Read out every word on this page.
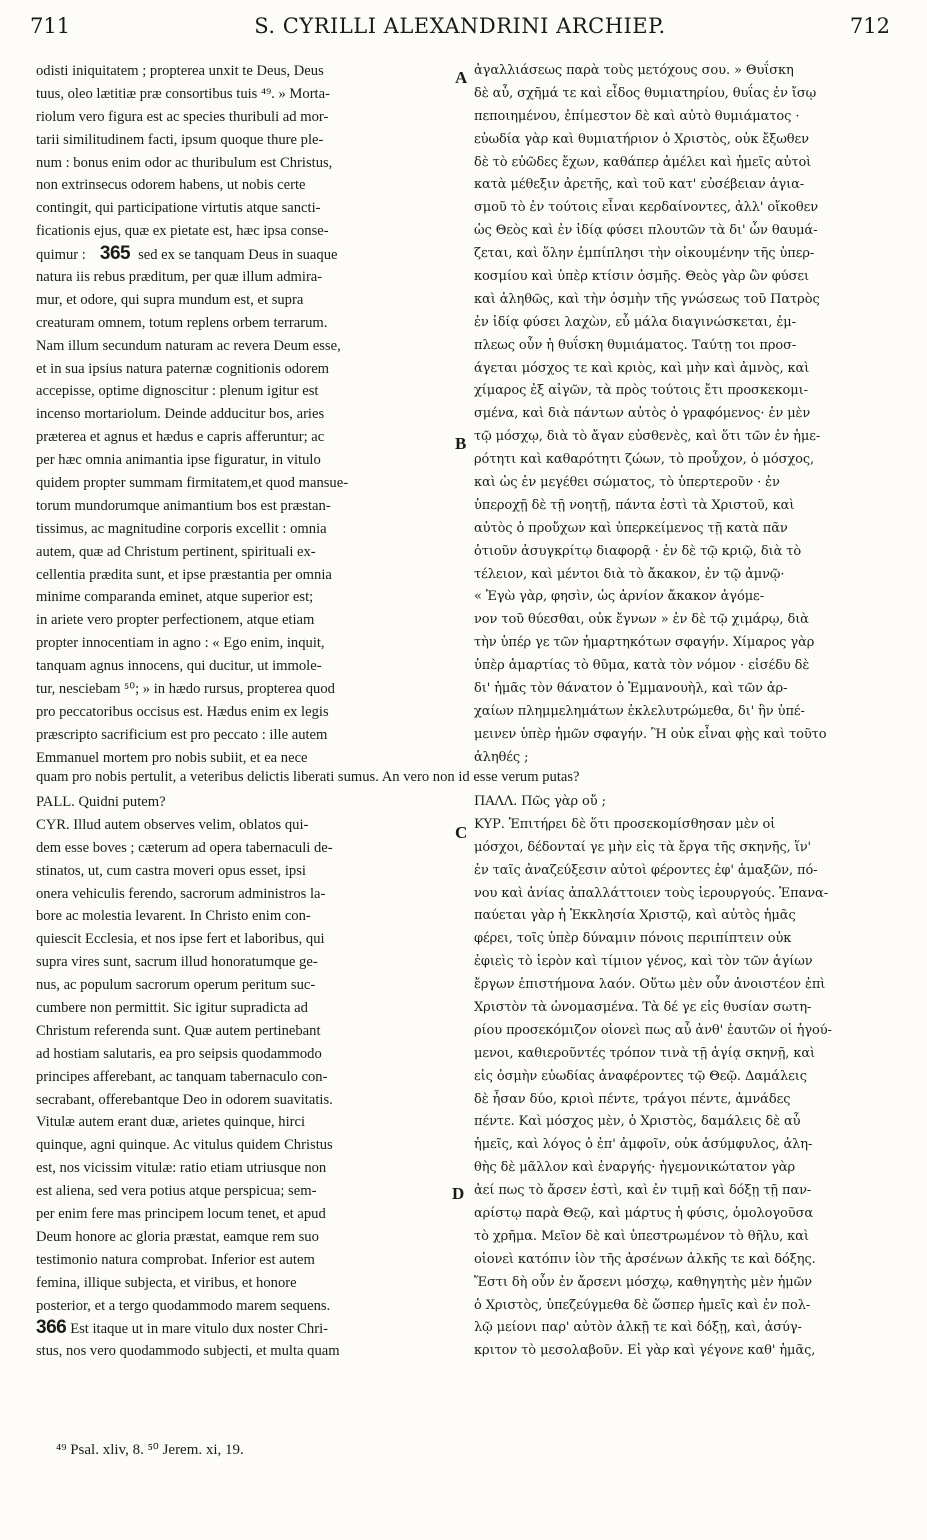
711	S. CYRILLI ALEXANDRINI ARCHIEP.	712
odisti iniquitatem ; propterea unxit te Deus, Deus
tuus, oleo lætitiæ præ consortibus tuis ⁴⁹. » Morta-
riolum vero figura est ac species thuribuli ad mor-
tarii similitudinem facti, ipsum quoque thure ple-
num : bonus enim odor ac thuribulum est Christus,
non extrinsecus odorem habens, ut nobis certe
contingit, qui participatione virtutis atque sancti-
ficationis ejus, quæ ex pietate est, hæc ipsa conse-
quimur : 365 sed ex se tanquam Deus in suaque
natura iis rebus præditum, per quæ illum admira-
mur, et odore, qui supra mundum est, et supra
creaturam omnem, totum replens orbem terrarum.
Nam illum secundum naturam ac revera Deum esse,
et in sua ipsius natura paternæ cognitionis odorem
accepisse, optime dignoscitur : plenum igitur est
incenso mortariolum. Deinde adducitur bos, aries
præterea et agnus et hædus e capris afferuntur; ac
per hæc omnia animantia ipse figuratur, in vitulo
quidem propter summam firmitatem,et quod mansue-
torum mundorumque animantium bos est præstan-
tissimus, ac magnitudine corporis excellit : omnia
autem, quæ ad Christum pertinent, spirituali ex-
cellentia prædita sunt, et ipse præstantia per omnia
minime comparanda eminet, atque superior est;
in ariete vero propter perfectionem, atque etiam
propter innocentiam in agno : « Ego enim, inquit,
tanquam agnus innocens, qui ducitur, ut immole-
tur, nesciebam ⁵⁰; » in hædo rursus, propterea quod
pro peccatoribus occisus est. Hædus enim ex legis
præscripto sacrificium est pro peccato : ille autem
Emmanuel mortem pro nobis subiit, et ea nece
ἀγαλλιάσεως παρὰ τοὺς μετόχους σου. » Θυΐσκη
δὲ αὖ, σχῆμά τε καὶ εἶδος θυμιατηρίου, θυΐας ἐν ἴσῳ
πεποιημένου, ἐπίμεστον δὲ καὶ αὐτὸ θυμιάματος ·
εὐωδία γὰρ καὶ θυμιατήριον ὁ Χριστὸς, οὐκ ἔξωθεν
δὲ τὸ εὐῶδες ἔχων, καθάπερ ἀμέλει καὶ ἡμεῖς αὐτοὶ
κατὰ μέθεξιν ἀρετῆς, καὶ τοῦ κατ' εὐσέβειαν ἁγια-
σμοῦ τὸ ἐν τούτοις εἶναι κερδαίνοντες, ἀλλ' οἴκοθεν
ὡς Θεὸς καὶ ἐν ἰδίᾳ φύσει πλουτῶν τὰ δι' ὧν θαυμά-
ζεται, καὶ ὅλην ἐμπίπλησι τὴν οἰκουμένην τῆς ὑπερ-
κοσμίου καὶ ὑπὲρ κτίσιν ὀσμῆς. Θεὸς γὰρ ὢν φύσει
καὶ ἀληθῶς, καὶ τὴν ὀσμὴν τῆς γνώσεως τοῦ Πατρὸς
ἐν ἰδίᾳ φύσει λαχὼν, εὖ μάλα διαγινώσκεται, ἐμ-
πλεως οὖν ἡ θυΐσκη θυμιάματος. Ταύτῃ τοι προσ-
άγεται μόσχος τε καὶ κριὸς, καὶ μὴν καὶ ἀμνὸς, καὶ
χίμαρος ἐξ αἰγῶν, τὰ πρὸς τούτοις ἔτι προσκεκομι-
σμένα, καὶ διὰ πάντων αὐτὸς ὁ γραφόμενος· ἐν μὲν
τῷ μόσχῳ, διὰ τὸ ἄγαν εὐσθενὲς, καὶ ὅτι τῶν ἐν ἡμε-
ρότητι καὶ καθαρότητι ζώων, τὸ προὖχον, ὁ μόσχος,
καὶ ὡς ἐν μεγέθει σώματος, τὸ ὑπερτεροῦν · ἐν
ὑπεροχῇ δὲ τῇ νοητῇ, πάντα ἐστὶ τὰ Χριστοῦ, καὶ
αὐτὸς ὁ προὔχων καὶ ὑπερκείμενος τῇ κατὰ πᾶν
ὁτιοῦν ἀσυγκρίτῳ διαφορᾷ · ἐν δὲ τῷ κριῷ, διὰ τὸ
τέλειον, καὶ μέντοι διὰ τὸ ἄκακον, ἐν τῷ ἀμνῷ·
« Ἐγὼ γὰρ, φησὶν, ὡς ἀρνίον ἄκακον ἀγόμε-
νον τοῦ θύεσθαι, οὐκ ἔγνων » ἐν δὲ τῷ χιμάρῳ, διὰ
τὴν ὑπέρ γε τῶν ἡμαρτηκότων σφαγήν. Χίμαρος γὰρ
ὑπὲρ ἁμαρτίας τὸ θῦμα, κατὰ τὸν νόμον · εἰσέδυ δὲ
δι' ἡμᾶς τὸν θάνατον ὁ Ἐμμανουὴλ, καὶ τῶν ἀρ-
χαίων πλημμελημάτων ἐκλελυτρώμεθα, δι' ἣν ὑπέ-
μεινεν ὑπὲρ ἡμῶν σφαγήν. Ἢ οὐκ εἶναι φῂς καὶ τοῦτο
ἀληθές ;
A
B
C
D
quam pro nobis pertulit, a veteribus delictis liberati sumus. An vero non id esse verum putas?
PALL. Quidni putem?
CYR. Illud autem observes velim, oblatos qui-
dem esse boves ; cæterum ad opera tabernaculi de-
stinatos, ut, cum castra moveri opus esset, ipsi
onera vehiculis ferendo, sacrorum administros la-
bore ac molestia levarent. In Christo enim con-
quiescit Ecclesia, et nos ipse fert et laboribus, qui
supra vires sunt, sacrum illud honoratumque ge-
nus, ac populum sacrorum operum peritum suc-
cumbere non permittit. Sic igitur supradicta ad
Christum referenda sunt. Quæ autem pertinebant
ad hostiam salutaris, ea pro seipsis quodammodo
principes afferebant, ac tanquam tabernaculo con-
secrabant, offerebantque Deo in odorem suavitatis.
Vitulæ autem erant duæ, arietes quinque, hirci
quinque, agni quinque. Ac vitulus quidem Christus
est, nos vicissim vitulæ: ratio etiam utriusque non
est aliena, sed vera potius atque perspicua; sem-
per enim fere mas principem locum tenet, et apud
Deum honore ac gloria præstat, eamque rem suo
testimonio natura comprobat. Inferior est autem
femina, illique subjecta, et viribus, et honore
posterior, et a tergo quodammodo marem sequens.
366 Est itaque ut in mare vitulo dux noster Chri-
stus, nos vero quodammodo subjecti, et multa quam
ΠΑΛΛ. Πῶς γὰρ οὔ ;
ΚΥΡ. Ἐπιτήρει δὲ ὅτι προσεκομίσθησαν μὲν οἱ
μόσχοι, δέδονταί γε μὴν εἰς τὰ ἔργα τῆς σκηνῆς, ἵν'
ἐν ταῖς ἀναζεύξεσιν αὐτοὶ φέροντες ἐφ' ἁμαξῶν, πό-
νου καὶ ἀνίας ἀπαλλάττοιεν τοὺς ἱερουργούς. Ἐπανα-
παύεται γὰρ ἡ Ἐκκλησία Χριστῷ, καὶ αὐτὸς ἡμᾶς
φέρει, τοῖς ὑπὲρ δύναμιν πόνοις περιπίπτειν οὐκ
ἐφιεὶς τὸ ἱερὸν καὶ τίμιον γένος, καὶ τὸν τῶν ἁγίων
ἔργων ἐπιστήμονα λαόν. Οὕτω μὲν οὖν ἀνοιστέον ἐπὶ
Χριστὸν τὰ ὠνομασμένα. Τὰ δέ γε εἰς θυσίαν σωτη-
ρίου προσεκόμιζον οἱονεὶ πως αὖ ἀνθ' ἑαυτῶν οἱ ἡγού-
μενοι, καθιεροῦντές τρόπον τινὰ τῇ ἁγίᾳ σκηνῇ, καὶ
εἰς ὀσμὴν εὐωδίας ἀναφέροντες τῷ Θεῷ. Δαμάλεις
δὲ ἦσαν δύο, κριοὶ πέντε, τράγοι πέντε, ἀμνάδες
πέντε. Καὶ μόσχος μὲν, ὁ Χριστὸς, δαμάλεις δὲ αὖ
ἡμεῖς, καὶ λόγος ὁ ἐπ' ἀμφοῖν, οὐκ ἀσύμφυλος, ἀλη-
θὴς δὲ μᾶλλον καὶ ἐναργής· ἡγεμονικώτατον γὰρ
ἀεί πως τὸ ἄρσεν ἐστὶ, καὶ ἐν τιμῇ καὶ δόξῃ τῇ παν-
αρίστῳ παρὰ Θεῷ, καὶ μάρτυς ἡ φύσις, ὁμολογοῦσα
τὸ χρῆμα. Μεῖον δὲ καὶ ὑπεστρωμένον τὸ θῆλυ, καὶ
οἱονεὶ κατόπιν ἰὸν τῆς ἀρσένων ἀλκῆς τε καὶ δόξης.
Ἔστι δὴ οὖν ἐν ἄρσενι μόσχῳ, καθηγητὴς μὲν ἡμῶν
ὁ Χριστὸς, ὑπεζεύγμεθα δὲ ὥσπερ ἡμεῖς καὶ ἐν πολ-
λῷ μείονι παρ' αὐτὸν ἀλκῇ τε καὶ δόξῃ, καὶ, ἀσύγ-
κριτον τὸ μεσολαβοῦν. Εἰ γὰρ καὶ γέγονε καθ' ἡμᾶς,
⁴⁹ Psal. xliv, 8. ⁵⁰ Jerem. xi, 19.
